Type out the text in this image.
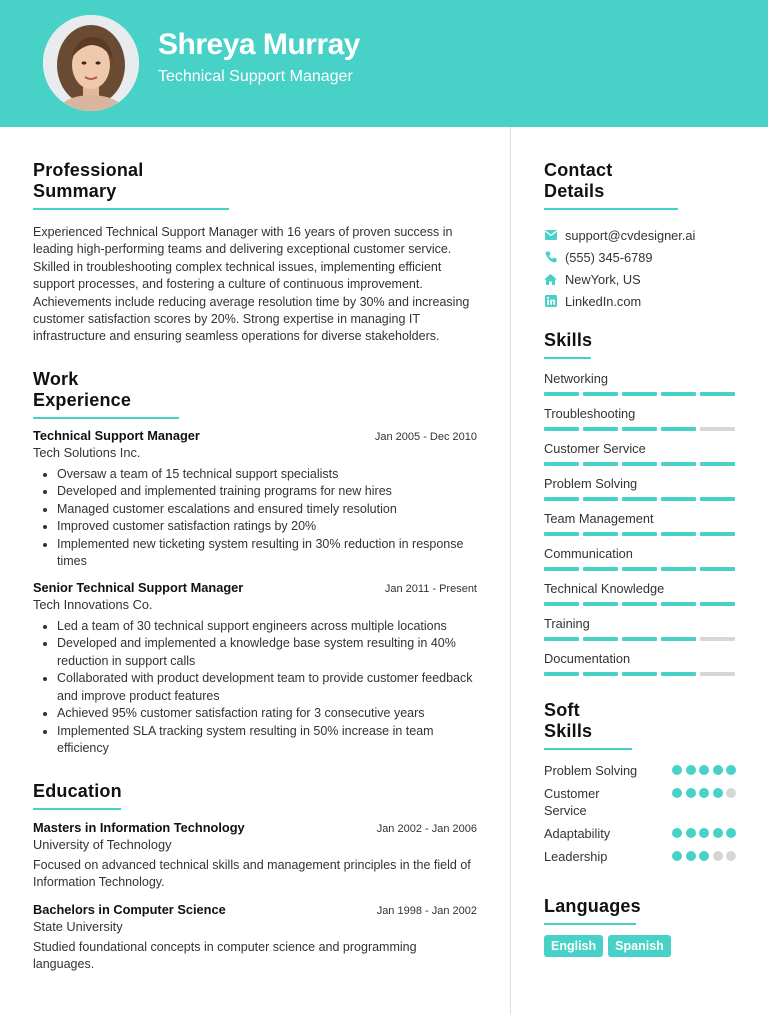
Shreya Murray
Technical Support Manager
Professional Summary

Experienced Technical Support Manager with 16 years of proven success in leading high-performing teams and delivering exceptional customer service. Skilled in troubleshooting complex technical issues, implementing efficient support processes, and fostering a culture of continuous improvement. Achievements include reducing average resolution time by 30% and increasing customer satisfaction scores by 20%. Strong expertise in managing IT infrastructure and ensuring seamless operations for diverse stakeholders.

Work Experience
Technical Support Manager	Jan 2005 - Dec 2010
Tech Solutions Inc.
• Oversaw a team of 15 technical support specialists
• Developed and implemented training programs for new hires
• Managed customer escalations and ensured timely resolution
• Improved customer satisfaction ratings by 20%
• Implemented new ticketing system resulting in 30% reduction in response times
Senior Technical Support Manager	Jan 2011 - Present
Tech Innovations Co.
• Led a team of 30 technical support engineers across multiple locations
• Developed and implemented a knowledge base system resulting in 40% reduction in support calls
• Collaborated with product development team to provide customer feedback and improve product features
• Achieved 95% customer satisfaction rating for 3 consecutive years
• Implemented SLA tracking system resulting in 50% increase in team efficiency
Education
Masters in Information Technology	Jan 2002 - Jan 2006
University of Technology

Focused on advanced technical skills and management principles in the field of Information Technology.

Bachelors in Computer Science	Jan 1998 - Jan 2002
State University

Studied foundational concepts in computer science and programming languages.

Contact Details
support@cvdesigner.ai
(555) 345-6789
NewYork, US
LinkedIn.com
Skills
Networking
Troubleshooting
Customer Service
Problem Solving
Team Management
Communication
Technical Knowledge
Training
Documentation
Soft Skills
Problem Solving
Customer Service
Adaptability
Leadership
Languages
English	Spanish
